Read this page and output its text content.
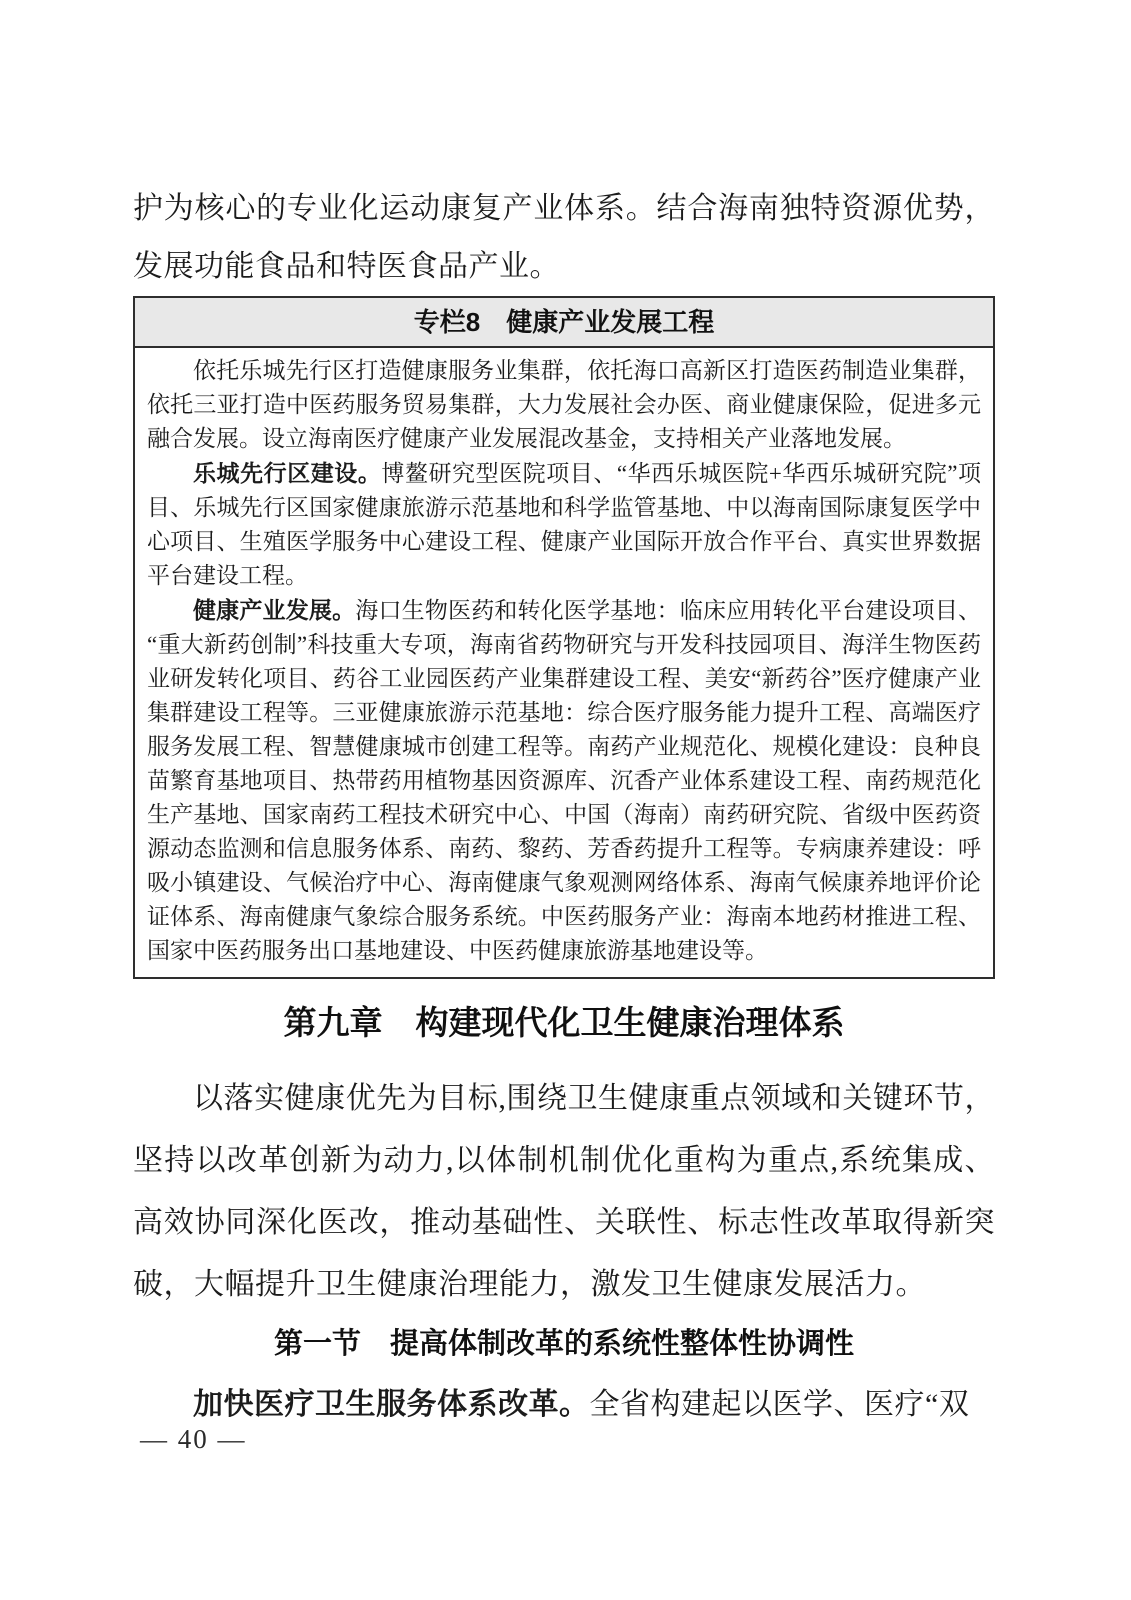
护为核心的专业化运动康复产业体系。结合海南独特资源优势，发展功能食品和特医食品产业。

专栏8　健康产业发展工程

依托乐城先行区打造健康服务业集群，依托海口高新区打造医药制造业集群，依托三亚打造中医药服务贸易集群，大力发展社会办医、商业健康保险，促进多元融合发展。设立海南医疗健康产业发展混改基金，支持相关产业落地发展。

乐城先行区建设。博鳌研究型医院项目、“华西乐城医院+华西乐城研究院”项目、乐城先行区国家健康旅游示范基地和科学监管基地、中以海南国际康复医学中心项目、生殖医学服务中心建设工程、健康产业国际开放合作平台、真实世界数据平台建设工程。

健康产业发展。海口生物医药和转化医学基地：临床应用转化平台建设项目、“重大新药创制”科技重大专项，海南省药物研究与开发科技园项目、海洋生物医药业研发转化项目、药谷工业园医药产业集群建设工程、美安“新药谷”医疗健康产业集群建设工程等。三亚健康旅游示范基地：综合医疗服务能力提升工程、高端医疗服务发展工程、智慧健康城市创建工程等。南药产业规范化、规模化建设：良种良苗繁育基地项目、热带药用植物基因资源库、沉香产业体系建设工程、南药规范化生产基地、国家南药工程技术研究中心、中国（海南）南药研究院、省级中医药资源动态监测和信息服务体系、南药、黎药、芳香药提升工程等。专病康养建设：呼吸小镇建设、气候治疗中心、海南健康气象观测网络体系、海南气候康养地评价论证体系、海南健康气象综合服务系统。中医药服务产业：海南本地药材推进工程、国家中医药服务出口基地建设、中医药健康旅游基地建设等。

第九章　构建现代化卫生健康治理体系

以落实健康优先为目标,围绕卫生健康重点领域和关键环节，坚持以改革创新为动力,以体制机制优化重构为重点,系统集成、高效协同深化医改，推动基础性、关联性、标志性改革取得新突破，大幅提升卫生健康治理能力，激发卫生健康发展活力。

第一节　提高体制改革的系统性整体性协调性

加快医疗卫生服务体系改革。全省构建起以医学、医疗“双

— 40 —
